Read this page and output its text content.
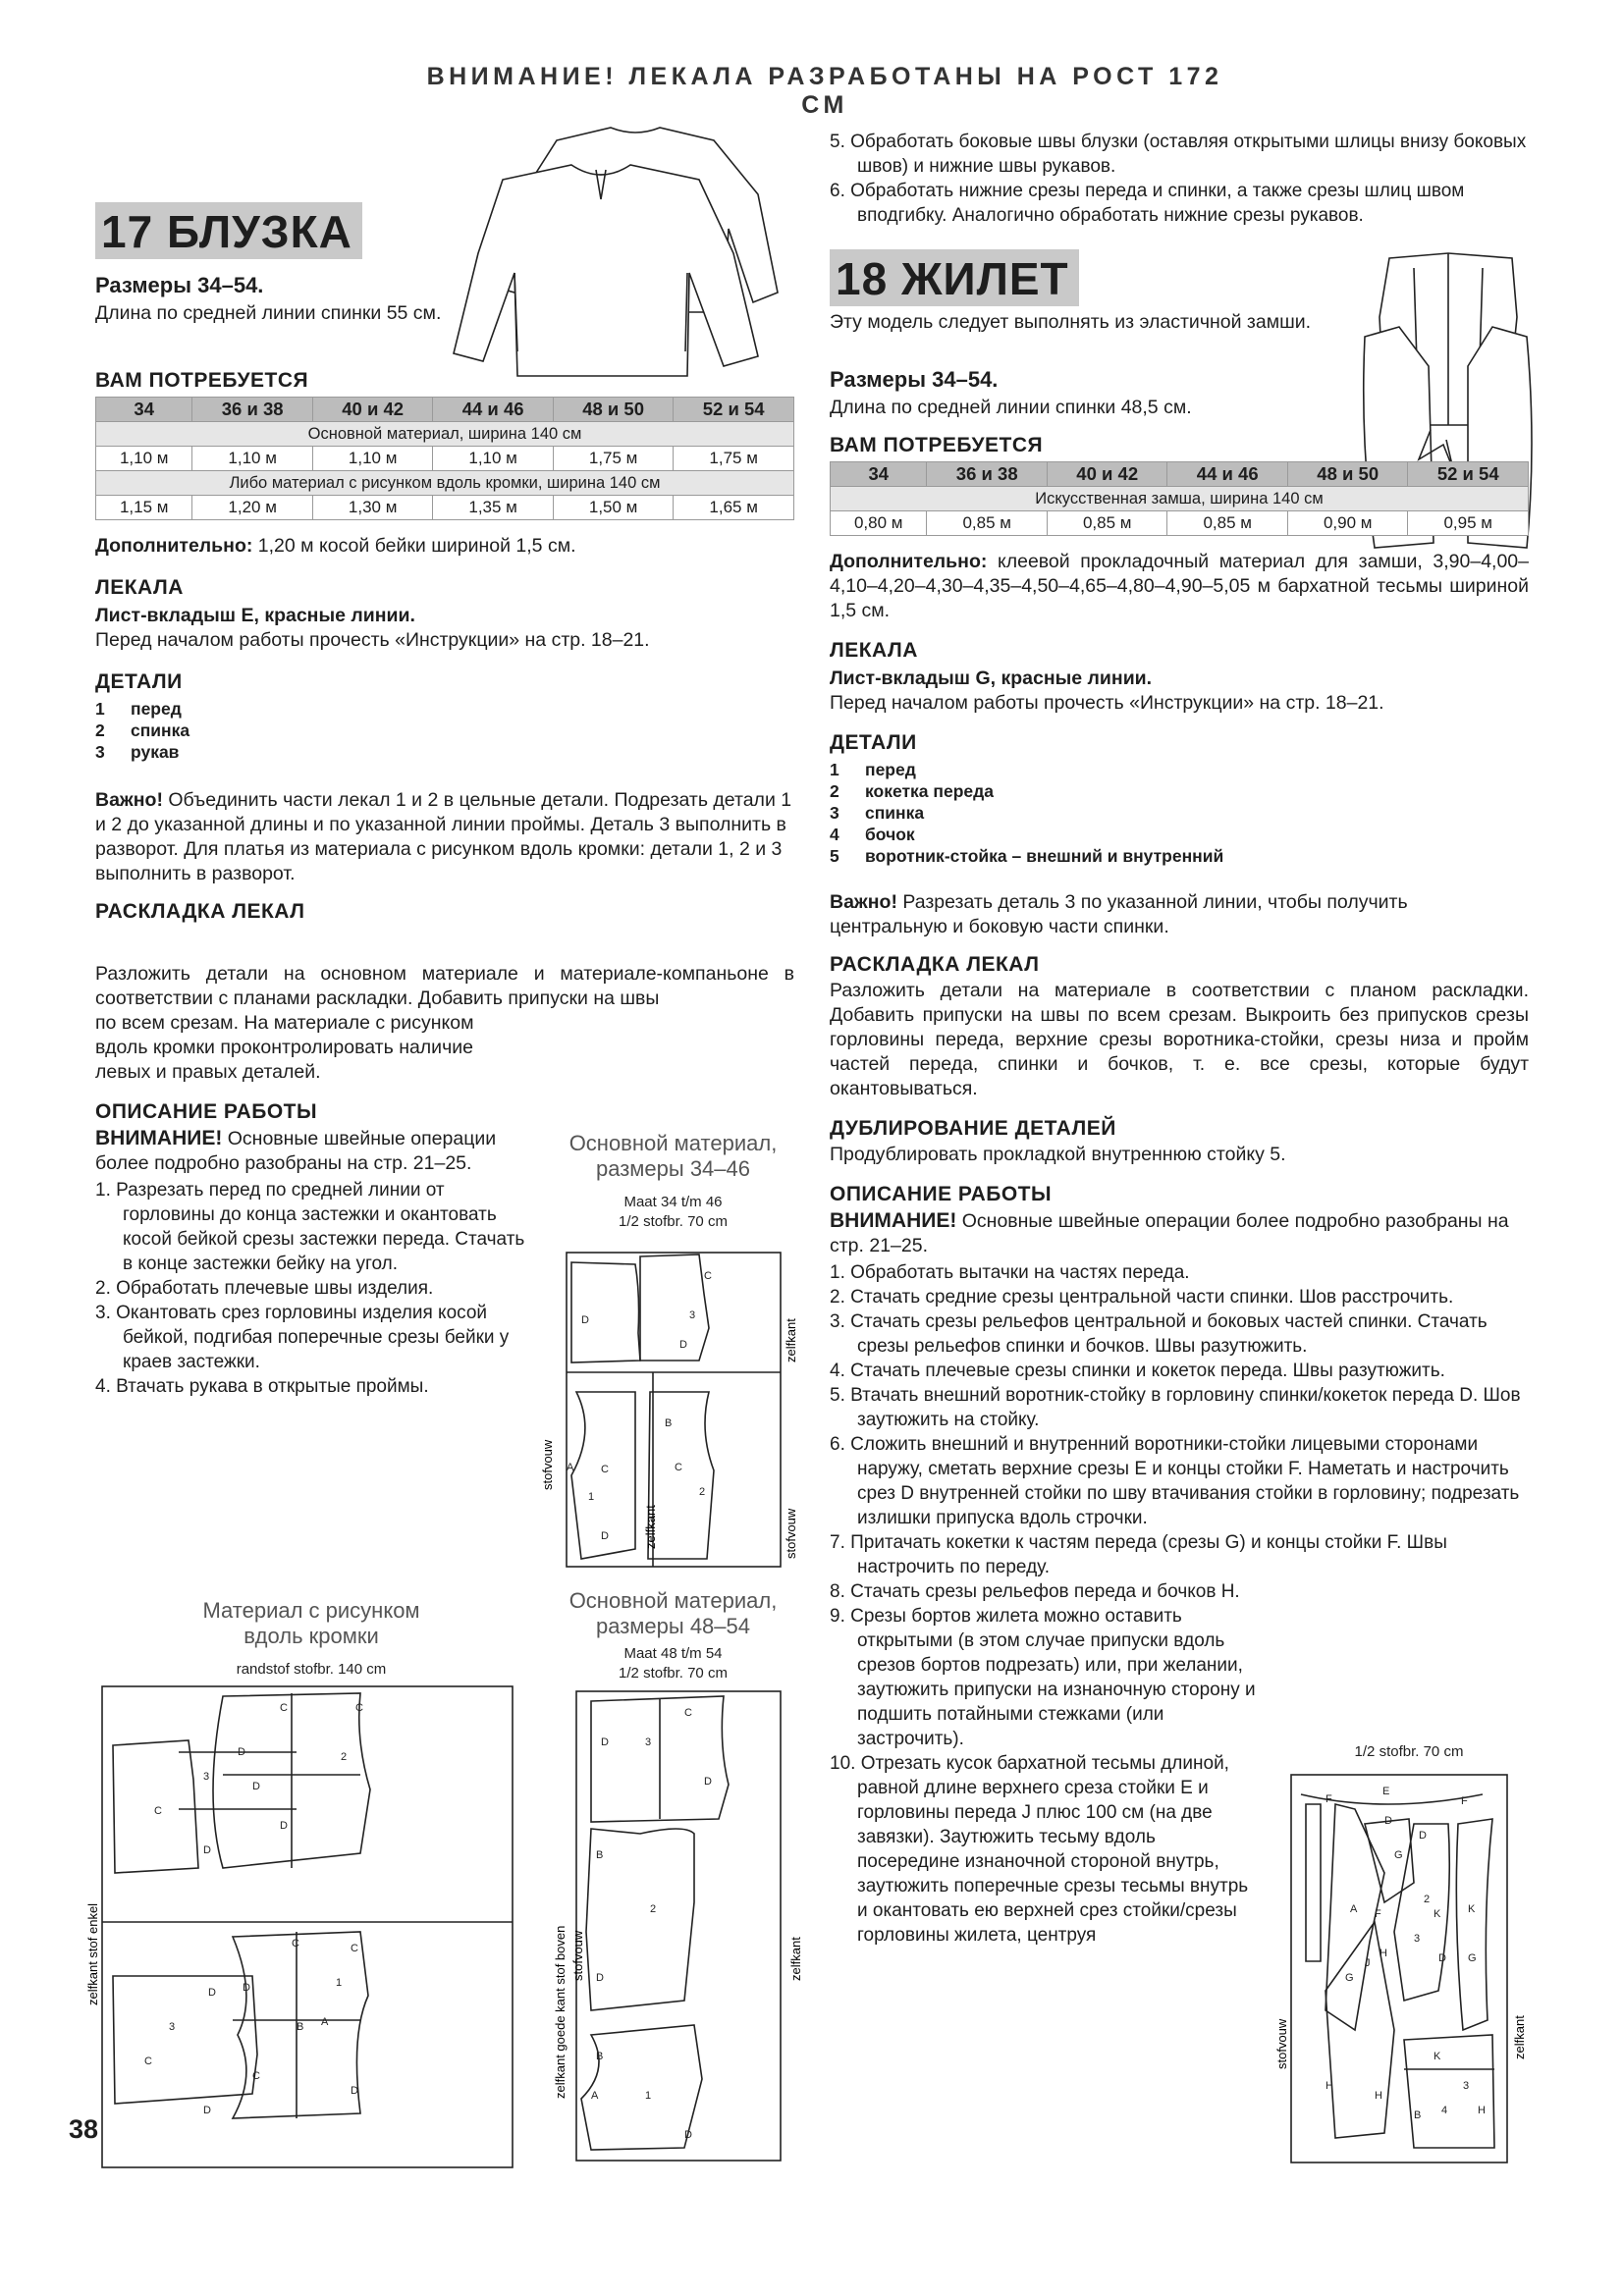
ВНИМАНИЕ! ЛЕКАЛА РАЗРАБОТАНЫ НА РОСТ 172 СМ
17 БЛУЗКА

Размеры 34–54.

Длина по средней линии спинки 55 см.

ВАМ ПОТРЕБУЕТСЯ

34	36 и 38	40 и 42	44 и 46	48 и 50	52 и 54
Основной материал, ширина 140 см					
1,10 м	1,10 м	1,10 м	1,10 м	1,75 м	1,75 м
Либо материал с рисунком вдоль кромки, ширина 140 см					
1,15 м	1,20 м	1,30 м	1,35 м	1,50 м	1,65 м

Дополнительно: 1,20 м косой бейки шириной 1,5 см.

ЛЕКАЛА

Лист-вкладыш E, красные линии.

Перед началом работы прочесть «Инструкции» на стр. 18–21.

ДЕТАЛИ

1 перед
2 спинка
3 рукав

Важно! Объединить части лекал 1 и 2 в цельные детали. Подрезать детали 1 и 2 до указанной длины и по указанной линии проймы. Деталь 3 выполнить в разворот. Для платья из материала с рисунком вдоль кромки: детали 1, 2 и 3 выполнить в разворот.

РАСКЛАДКА ЛЕКАЛ

Разложить детали на основном материале и материале-компаньоне в соответствии с планами раскладки. Добавить припуски на швы

по всем срезам. На материале с рисунком вдоль кромки проконтролировать наличие левых и правых деталей.

ОПИСАНИЕ РАБОТЫ

ВНИМАНИЕ! Основные швейные операции более подробно разобраны на стр. 21–25.

1. Разрезать перед по средней линии от горловины до конца застежки и окантовать косой бейкой срезы застежки переда. Стачать в конце застежки бейку на угол.
2. Обработать плечевые швы изделия.
3. Окантовать срез горловины изделия косой бейкой, подгибая поперечные срезы бейки у краев застежки.
4. Втачать рукава в открытые проймы.
Основной материал, размеры 34–46
Maat 34 t/m 46
1/2 stofbr. 70 cm
D
C
3
D
C
A
1
C
2
D
B
stofvouw
zelfkant
stofvouw
zelfkant
Материал с рисунком вдоль кромки
randstof stofbr. 140 cm
C	C
2
D
D
D
3
C
D
C	C
1
B A
C
D
D
D
3
C
D
zelfkant stof enkel
Основной материал, размеры 48–54
Maat 48 t/m 54
1/2 stofbr. 70 cm
D	3
C
D
B
2
D
B
A	1
D
zelfkant goede kant stof boven stofvouw	zelfkant
5. Обработать боковые швы блузки (оставляя открытыми шлицы внизу боковых швов) и нижние швы рукавов.
6. Обработать нижние срезы переда и спинки, а также срезы шлиц швом вподгибку. Аналогично обработать нижние срезы рукавов.
18 ЖИЛЕТ

Эту модель следует выполнять из эластичной замши.

Размеры 34–54.

Длина по средней линии спинки 48,5 см.

ВАМ ПОТРЕБУЕТСЯ

34	36 и 38	40 и 42	44 и 46	48 и 50	52 и 54
Искусственная замша, ширина 140 см					
0,80 м	0,85 м	0,85 м	0,85 м	0,90 м	0,95 м

Дополнительно: клеевой прокладочный материал для замши, 3,90–4,00–4,10–4,20–4,30–4,35–4,50–4,65–4,80–4,90–5,05 м бархатной тесьмы шириной 1,5 см.

ЛЕКАЛА

Лист-вкладыш G, красные линии.

Перед началом работы прочесть «Инструкции» на стр. 18–21.

ДЕТАЛИ

1 перед
2 кокетка переда
3 спинка
4 бочок
5 воротник-стойка – внешний и внутренний

Важно! Разрезать деталь 3 по указанной линии, чтобы получить центральную и боковую части спинки.

РАСКЛАДКА ЛЕКАЛ

Разложить детали на материале в соответствии с планом раскладки. Добавить припуски на швы по всем срезам. Выкроить без припусков срезы горловины переда, верхние срезы воротника-стойки, срезы низа и пройм частей переда, спинки и бочков, т. е. все срезы, которые будут окантовываться.

ДУБЛИРОВАНИЕ ДЕТАЛЕЙ

Продублировать прокладкой внутреннюю стойку 5.

ОПИСАНИЕ РАБОТЫ

ВНИМАНИЕ! Основные швейные операции более подробно разобраны на стр. 21–25.

1. Обработать вытачки на частях переда.
2. Стачать средние срезы центральной части спинки. Шов расстрочить.
3. Стачать срезы рельефов центральной и боковых частей спинки. Стачать срезы рельефов спинки и бочков. Швы разутюжить.
4. Стачать плечевые срезы спинки и кокеток переда. Швы разутюжить.
5. Втачать внешний воротник-стойку в горловину спинки/кокеток переда D. Шов заутюжить на стойку.
6. Сложить внешний и внутренний воротники-стойки лицевыми сторонами наружу, сметать верхние срезы E и концы стойки F. Наметать и настрочить срез D внутренней стойки по шву втачивания стойки в горловину; подрезать излишки припуска вдоль строчки.
7. Притачать кокетки к частям переда (срезы G) и концы стойки F. Швы настрочить по переду.
8. Стачать срезы рельефов переда и бочков H.
9. Срезы бортов жилета можно оставить открытыми (в этом случае припуски вдоль срезов бортов подрезать) или, при желании, заутюжить припуски на изнаночную сторону и подшить потайными стежками (или застрочить).
10. Отрезать кусок бархатной тесьмы длиной, равной длине верхнего среза стойки E и горловины переда J плюс 100 см (на две завязки). Заутюжить тесьму вдоль посередине изнаночной стороной внутрь, заутюжить поперечные срезы тесьмы внутрь и окантовать ею верхней срез стойки/срезы горловины жилета, центруя
1/2 stofbr. 70 cm
F
E
F
D
D
G
A F
2
K	K
G
G
J
H
3
D
H
H
K
B 4	H
3
stofvouw	zelfkant
38
